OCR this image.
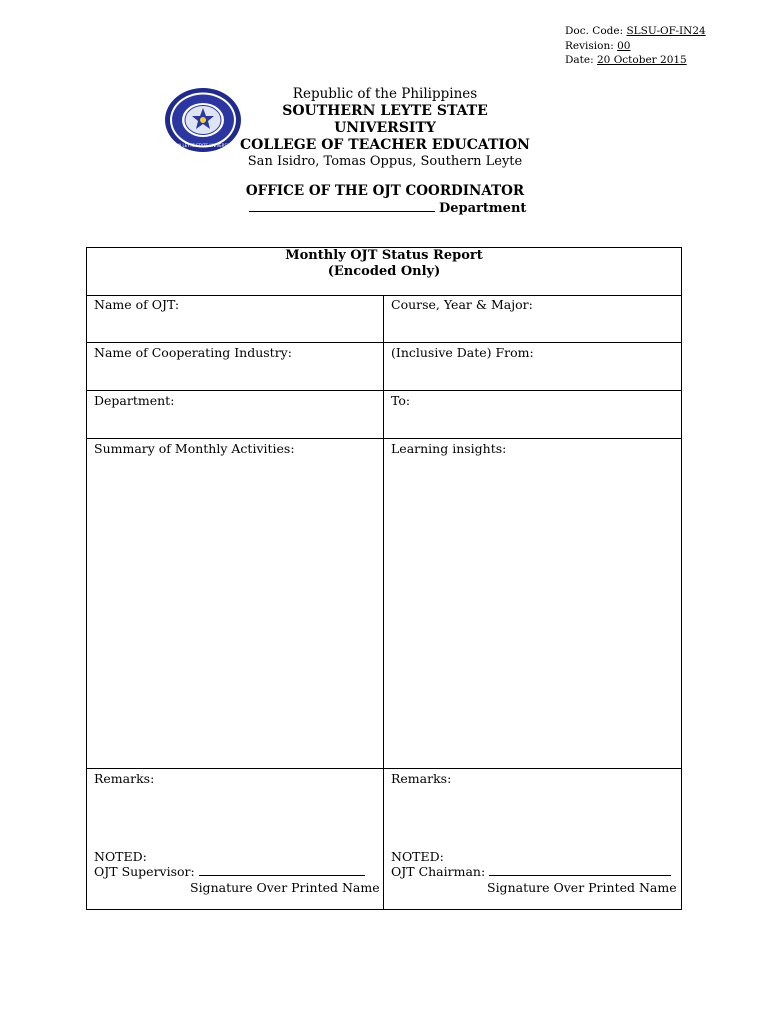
Doc. Code: SLSU-OF-IN24
Revision: 00
Date: 20 October 2015
SOUTHERN LEYTE STATE UNIVERSITY · 2004
Republic of the Philippines
SOUTHERN LEYTE STATE UNIVERSITY
COLLEGE OF TEACHER EDUCATION
San Isidro, Tomas Oppus, Southern Leyte
OFFICE OF THE OJT COORDINATOR
Department
Monthly OJT Status Report
(Encoded Only)
Name of OJT:	Course, Year & Major:
Name of Cooperating Industry:	(Inclusive Date) From:
Department:	To:
Summary of Monthly Activities:	Learning insights:
Remarks:
NOTED:
OJT Supervisor:
Signature Over Printed Name
Remarks:
NOTED:
OJT Chairman:
Signature Over Printed Name
